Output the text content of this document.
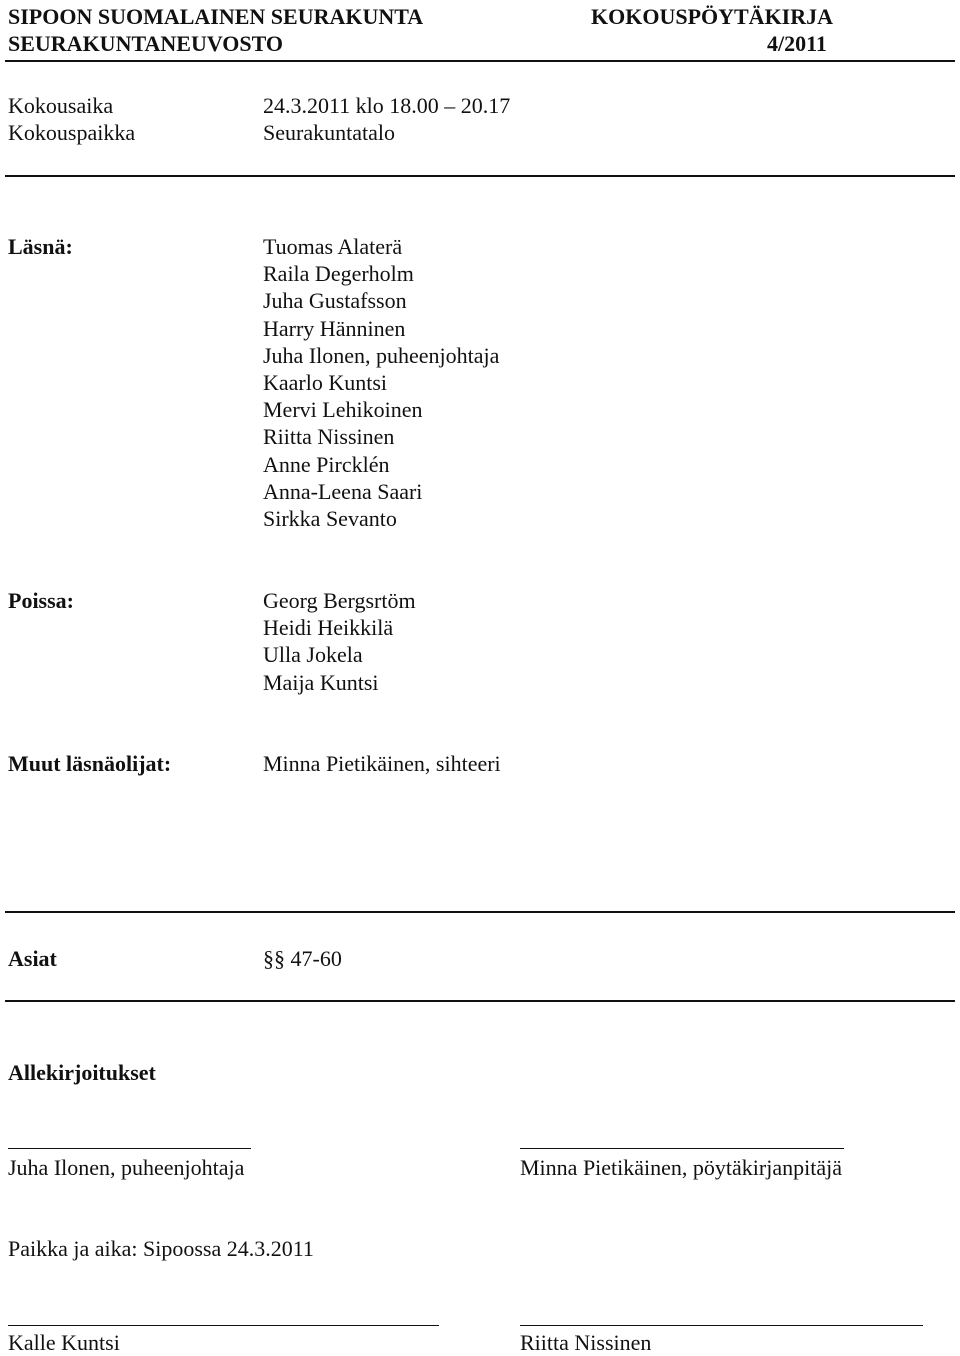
SIPOON SUOMALAINEN SEURAKUNTA	KOKOUSPÖYTÄKIRJA
SEURAKUNTANEUVOSTO	4/2011
Kokousaika	24.3.2011 klo 18.00 – 20.17
Kokouspaikka	Seurakuntatalo
Läsnä:	Tuomas Alaterä
Raila Degerholm
Juha Gustafsson
Harry Hänninen
Juha Ilonen, puheenjohtaja
Kaarlo Kuntsi
Mervi Lehikoinen
Riitta Nissinen
Anne Pircklén
Anna-Leena Saari
Sirkka Sevanto
Poissa:	Georg Bergsrtöm
Heidi Heikkilä
Ulla Jokela
Maija Kuntsi
Muut läsnäolijat:	Minna Pietikäinen, sihteeri
Asiat	§§ 47-60
Allekirjoitukset
Juha Ilonen, puheenjohtaja	Minna Pietikäinen, pöytäkirjanpitäjä
Paikka ja aika: Sipoossa 24.3.2011
Kalle Kuntsi	Riitta Nissinen
